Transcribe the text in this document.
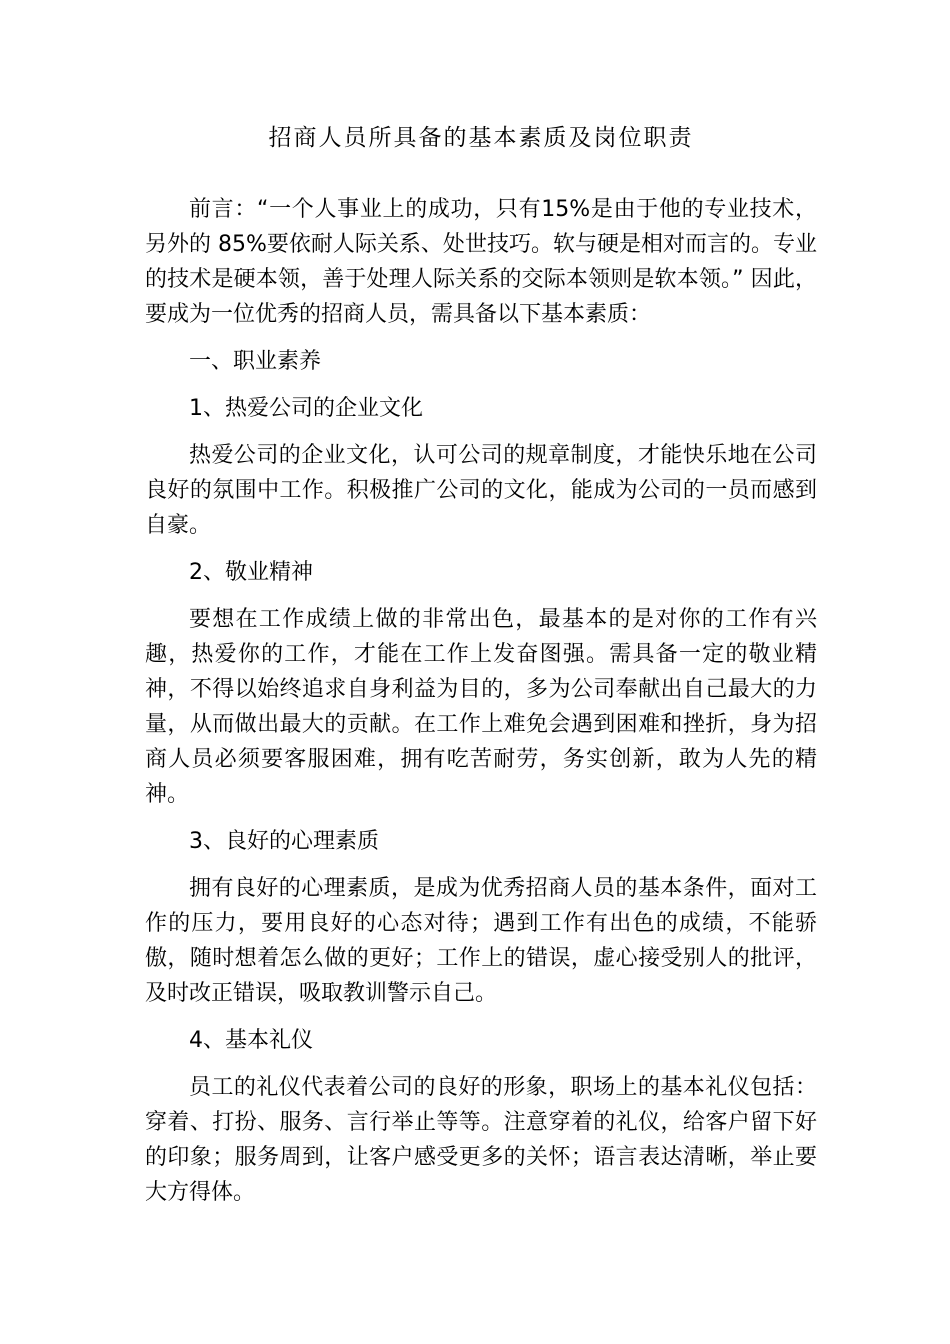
招商人员所具备的基本素质及岗位职责

前言：“一个人事业上的成功，只有15%是由于他的专业技术，另外的 85%要依耐人际关系、处世技巧。软与硬是相对而言的。专业的技术是硬本领，善于处理人际关系的交际本领则是软本领。” 因此，要成为一位优秀的招商人员，需具备以下基本素质：

一、职业素养

1、热爱公司的企业文化

热爱公司的企业文化，认可公司的规章制度，才能快乐地在公司良好的氛围中工作。积极推广公司的文化，能成为公司的一员而感到自豪。

2、敬业精神

要想在工作成绩上做的非常出色，最基本的是对你的工作有兴趣，热爱你的工作，才能在工作上发奋图强。需具备一定的敬业精神，不得以始终追求自身利益为目的，多为公司奉献出自己最大的力量，从而做出最大的贡献。在工作上难免会遇到困难和挫折，身为招商人员必须要客服困难，拥有吃苦耐劳，务实创新，敢为人先的精神。

3、良好的心理素质

拥有良好的心理素质，是成为优秀招商人员的基本条件，面对工作的压力，要用良好的心态对待；遇到工作有出色的成绩，不能骄傲，随时想着怎么做的更好；工作上的错误，虚心接受别人的批评，及时改正错误，吸取教训警示自己。

4、基本礼仪

员工的礼仪代表着公司的良好的形象，职场上的基本礼仪包括：穿着、打扮、服务、言行举止等等。注意穿着的礼仪，给客户留下好的印象；服务周到，让客户感受更多的关怀；语言表达清晰，举止要大方得体。
